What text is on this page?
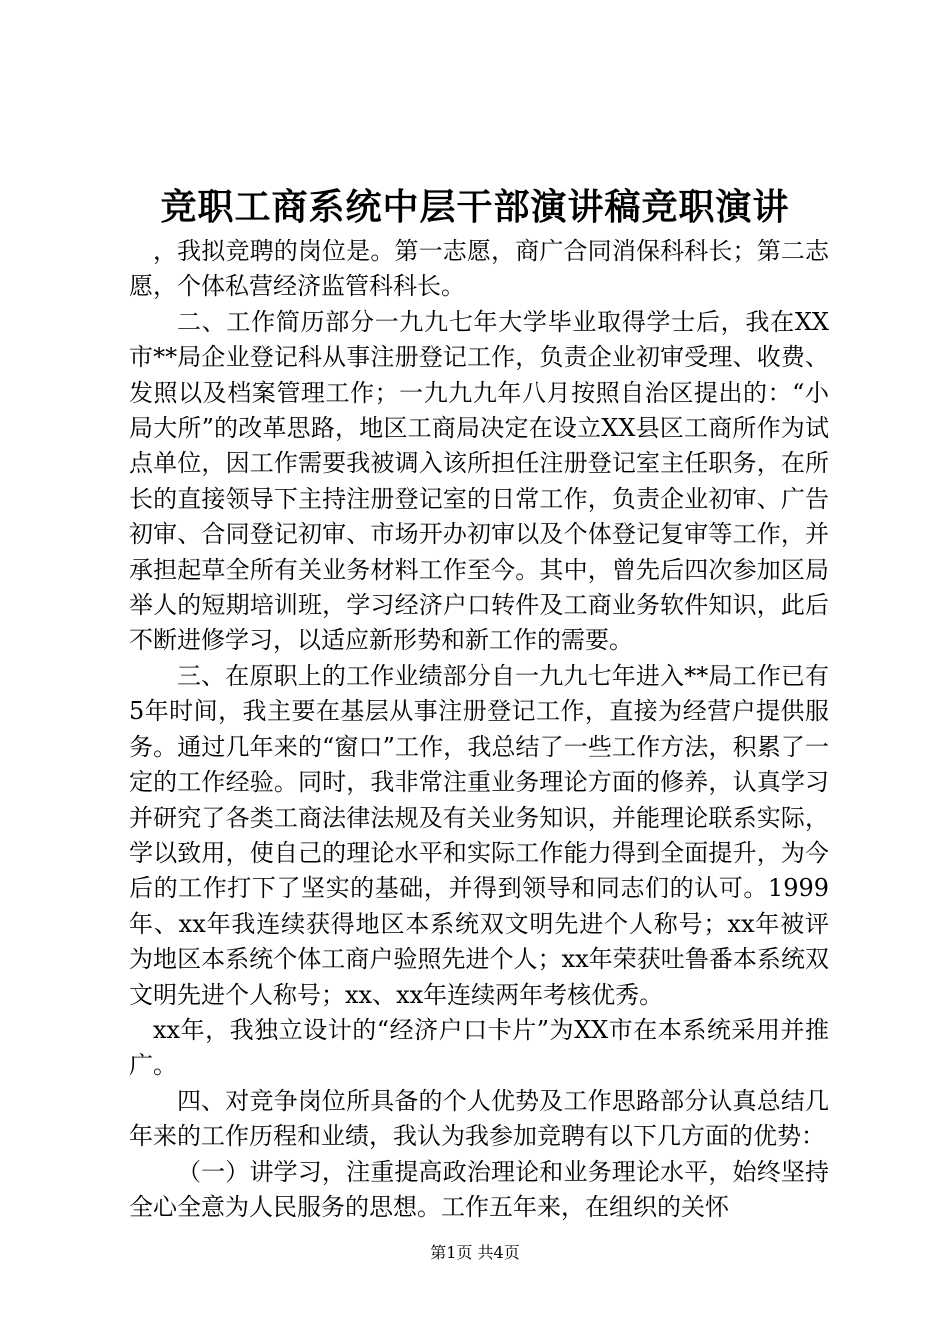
竞职工商系统中层干部演讲稿竞职演讲

，我拟竞聘的岗位是。第一志愿，商广合同消保科科长；第二志愿，个体私营经济监管科科长。

二、工作简历部分一九九七年大学毕业取得学士后，我在XX市**局企业登记科从事注册登记工作，负责企业初审受理、收费、发照以及档案管理工作；一九九九年八月按照自治区提出的：“小局大所”的改革思路，地区工商局决定在设立XX县区工商所作为试点单位，因工作需要我被调入该所担任注册登记室主任职务，在所长的直接领导下主持注册登记室的日常工作，负责企业初审、广告初审、合同登记初审、市场开办初审以及个体登记复审等工作，并承担起草全所有关业务材料工作至今。其中，曾先后四次参加区局举人的短期培训班，学习经济户口转件及工商业务软件知识，此后不断进修学习，以适应新形势和新工作的需要。

三、在原职上的工作业绩部分自一九九七年进入**局工作已有5年时间，我主要在基层从事注册登记工作，直接为经营户提供服务。通过几年来的“窗口”工作，我总结了一些工作方法，积累了一定的工作经验。同时，我非常注重业务理论方面的修养，认真学习并研究了各类工商法律法规及有关业务知识，并能理论联系实际，学以致用，使自己的理论水平和实际工作能力得到全面提升，为今后的工作打下了坚实的基础，并得到领导和同志们的认可。1999年、xx年我连续获得地区本系统双文明先进个人称号；xx年被评为地区本系统个体工商户验照先进个人；xx年荣获吐鲁番本系统双文明先进个人称号；xx、xx年连续两年考核优秀。

xx年，我独立设计的“经济户口卡片”为XX市在本系统采用并推广。

四、对竞争岗位所具备的个人优势及工作思路部分认真总结几年来的工作历程和业绩，我认为我参加竞聘有以下几方面的优势：

（一）讲学习，注重提高政治理论和业务理论水平，始终坚持全心全意为人民服务的思想。工作五年来，在组织的关怀

第1页 共4页
